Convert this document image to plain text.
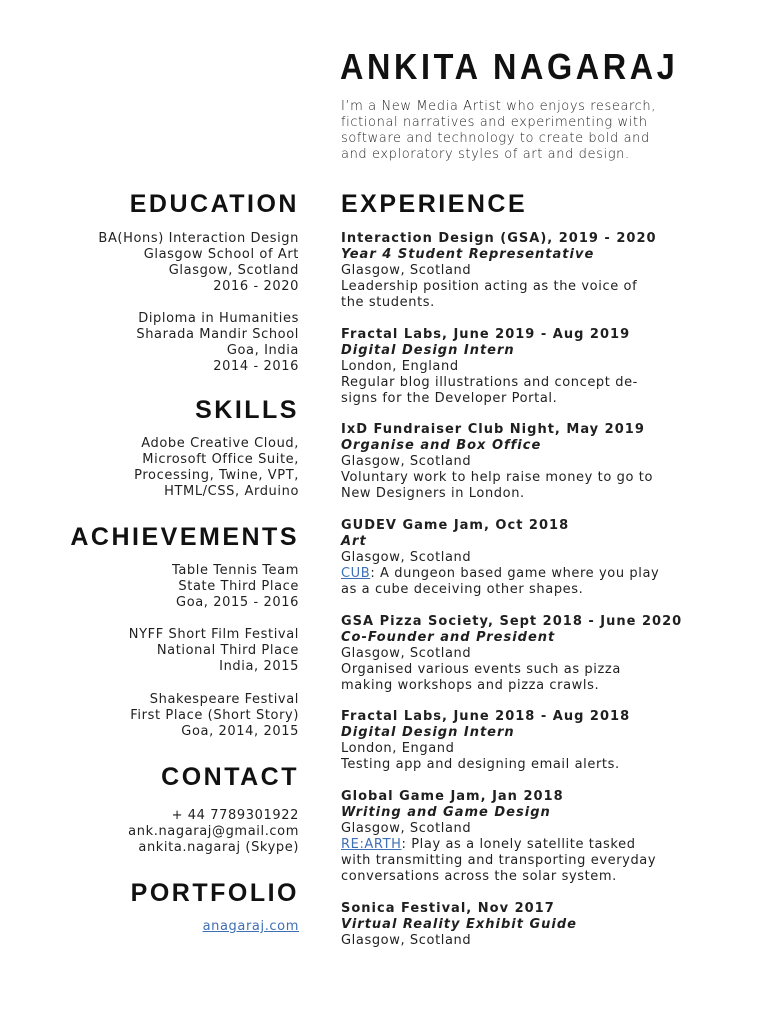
ANKITA NAGARAJ
I’m a New Media Artist who enjoys research,
fictional narratives and experimenting with
software and technology to create bold and
and exploratory styles of art and design.
EDUCATION
BA(Hons) Interaction Design
Glasgow School of Art
Glasgow, Scotland
2016 - 2020
Diploma in Humanities
Sharada Mandir School
Goa, India
2014 - 2016
SKILLS
Adobe Creative Cloud,
Microsoft Office Suite,
Processing, Twine, VPT,
HTML/CSS, Arduino
ACHIEVEMENTS
Table Tennis Team
State Third Place
Goa, 2015 - 2016
NYFF Short Film Festival
National Third Place
India, 2015
Shakespeare Festival
First Place (Short Story)
Goa, 2014, 2015
CONTACT
+ 44 7789301922
ank.nagaraj@gmail.com
ankita.nagaraj (Skype)
PORTFOLIO
anagaraj.com
EXPERIENCE
Interaction Design (GSA), 2019 - 2020
Year 4 Student Representative
Glasgow, Scotland
Leadership position acting as the voice of
the students.
Fractal Labs, June 2019 - Aug 2019
Digital Design Intern
London, England
Regular blog illustrations and concept de-
signs for the Developer Portal.
IxD Fundraiser Club Night, May 2019
Organise and Box Office
Glasgow, Scotland
Voluntary work to help raise money to go to
New Designers in London.
GUDEV Game Jam, Oct 2018
Art
Glasgow, Scotland
CUB: A dungeon based game where you play
as a cube deceiving other shapes.
GSA Pizza Society, Sept 2018 - June 2020
Co-Founder and President
Glasgow, Scotland
Organised various events such as pizza
making workshops and pizza crawls.
Fractal Labs, June 2018 - Aug 2018
Digital Design Intern
London, Engand
Testing app and designing email alerts.
Global Game Jam, Jan 2018
Writing and Game Design
Glasgow, Scotland
RE:ARTH: Play as a lonely satellite tasked
with transmitting and transporting everyday
conversations across the solar system.
Sonica Festival, Nov 2017
Virtual Reality Exhibit Guide
Glasgow, Scotland
